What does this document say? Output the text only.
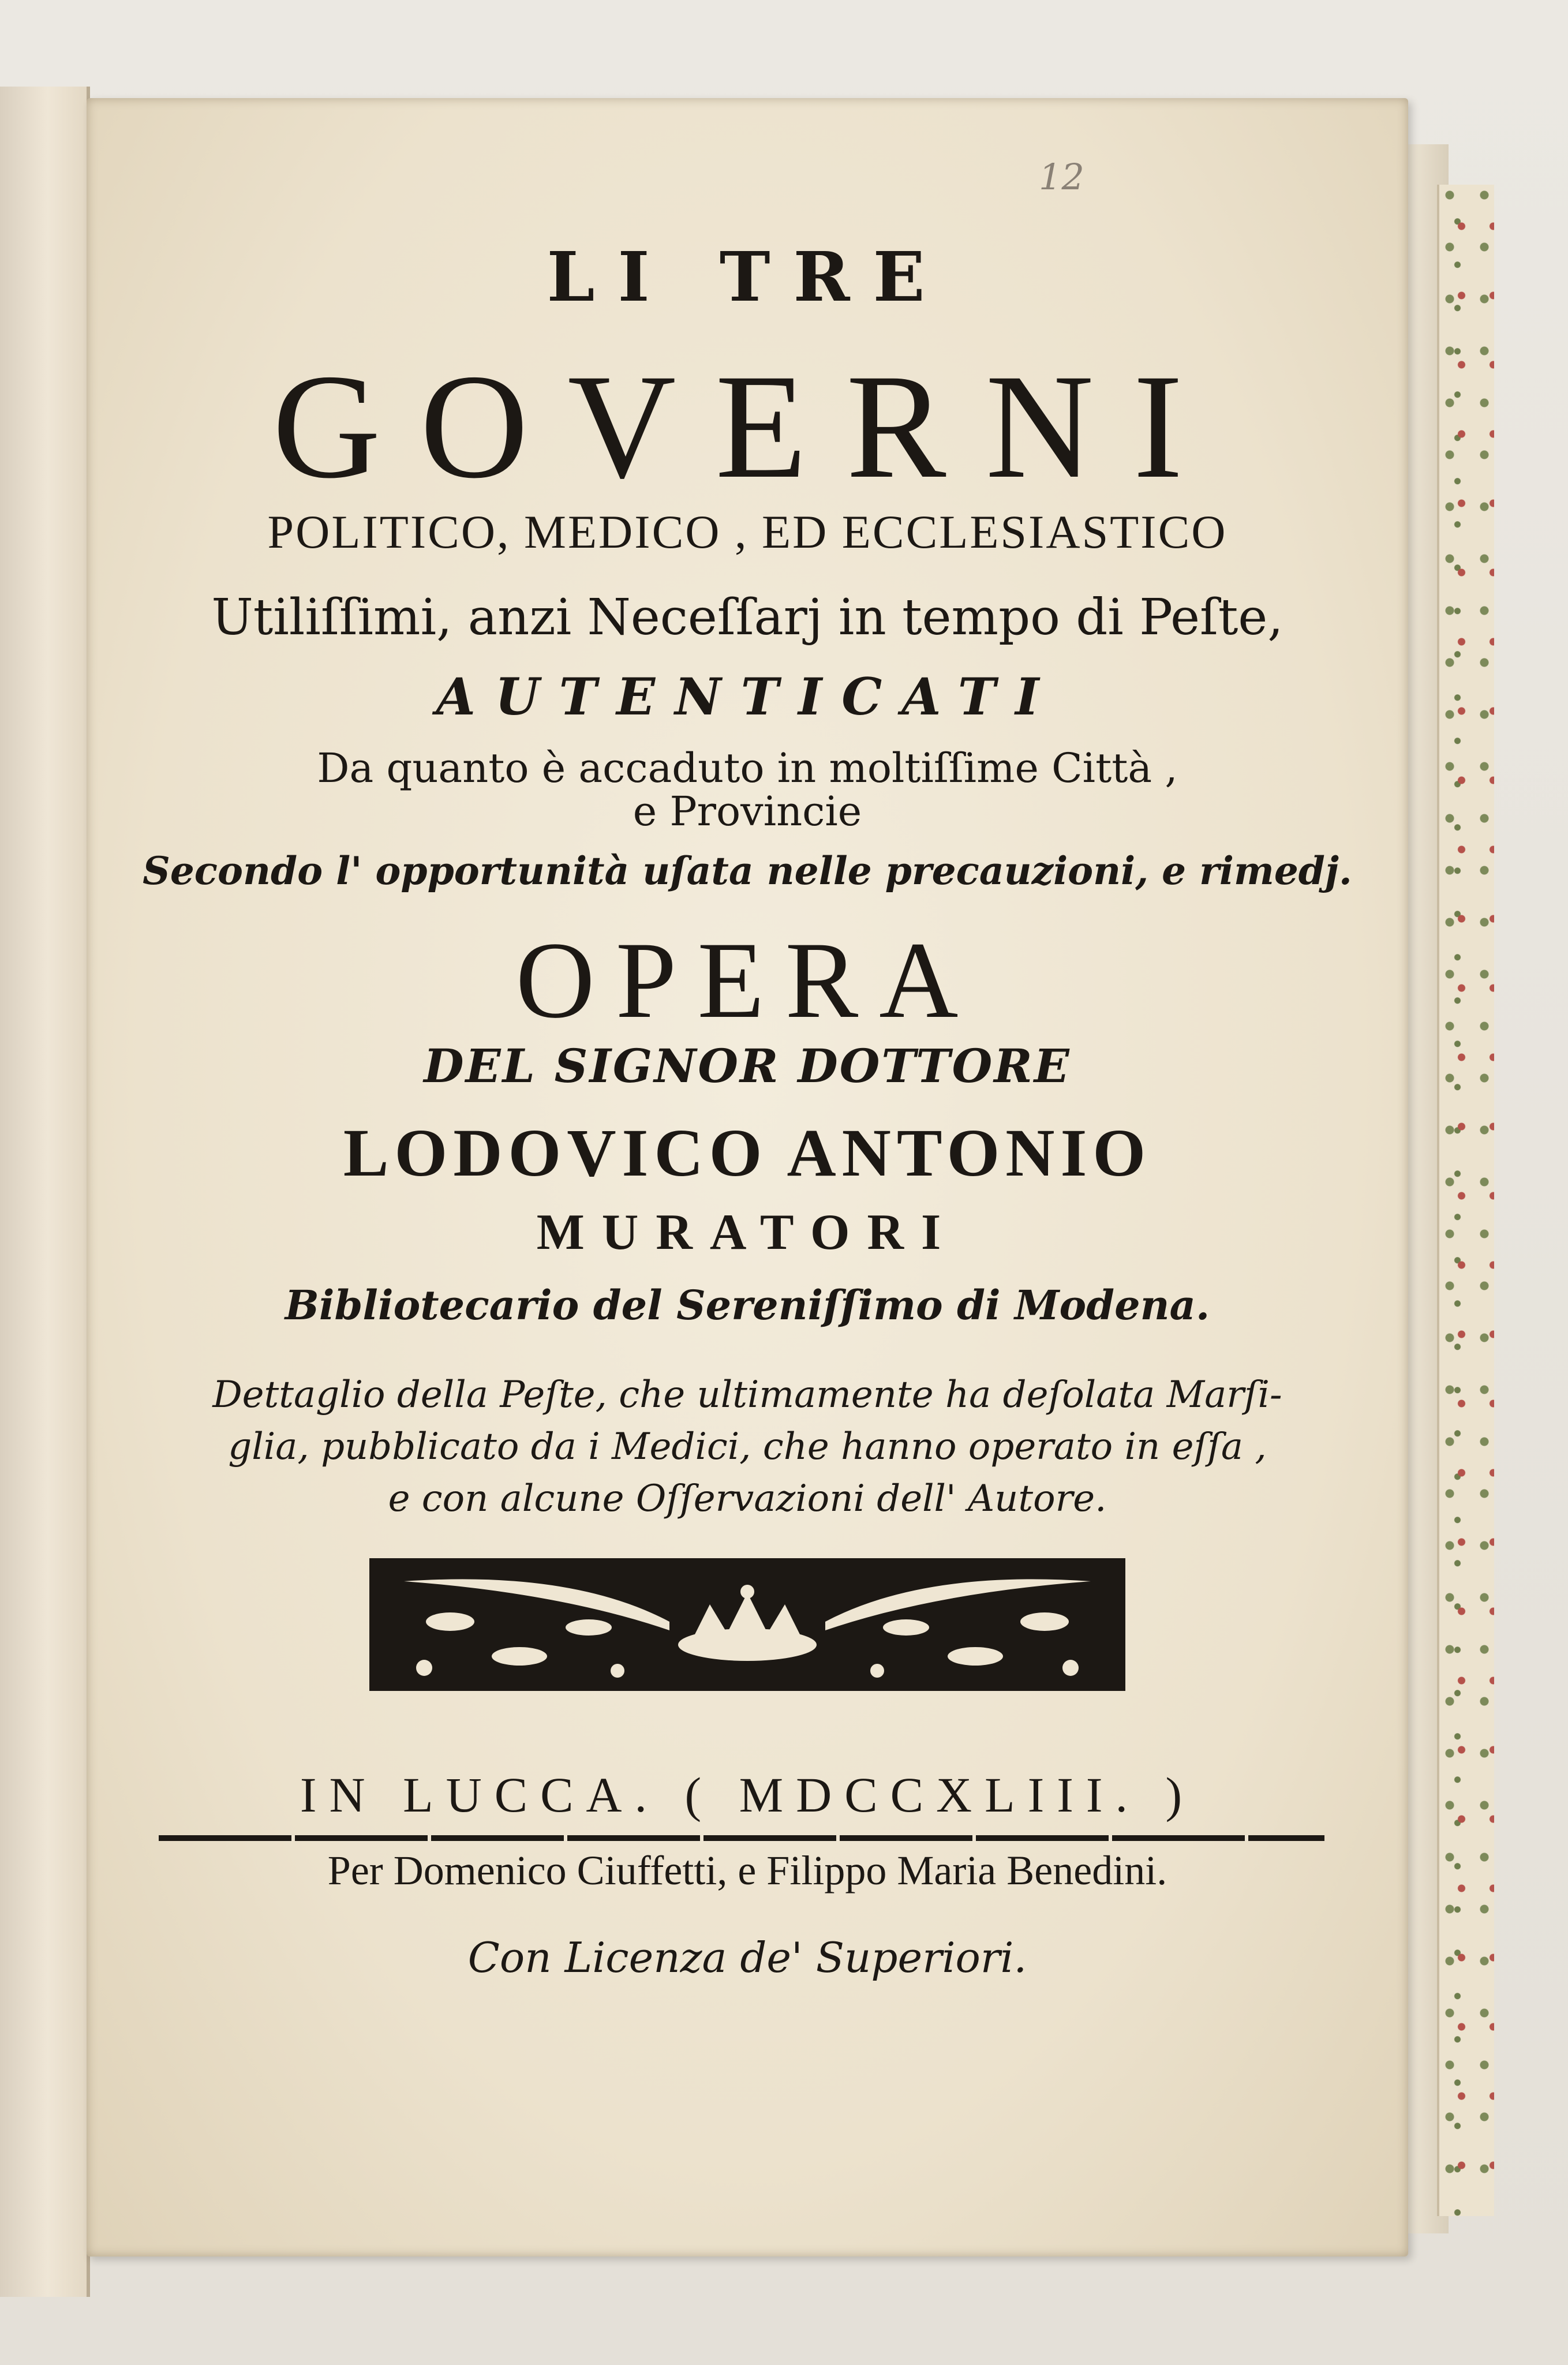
12

LI TRE

GOVERNI

POLITICO, MEDICO , ED ECCLESIASTICO

Utiliſſimi, anzi Neceſſarj in tempo di Peſte,

AUTENTICATI

Da quanto è accaduto in moltiſſime Città ,

e Provincie

Secondo l' opportunità uſata nelle precauzioni, e rimedj.

OPERA

DEL SIGNOR DOTTORE

LODOVICO ANTONIO

MURATORI

Bibliotecario del Sereniſſimo di Modena.

Dettaglio della Peſte, che ultimamente ha deſolata Marſi-

glia, pubblicato da i Medici, che hanno operato in eſſa ,

e con alcune Oſſervazioni dell' Autore.

IN LUCCA. ( MDCCXLIII. )

Per Domenico Ciuffetti, e Filippo Maria Benedini.

Con Licenza de' Superiori.
